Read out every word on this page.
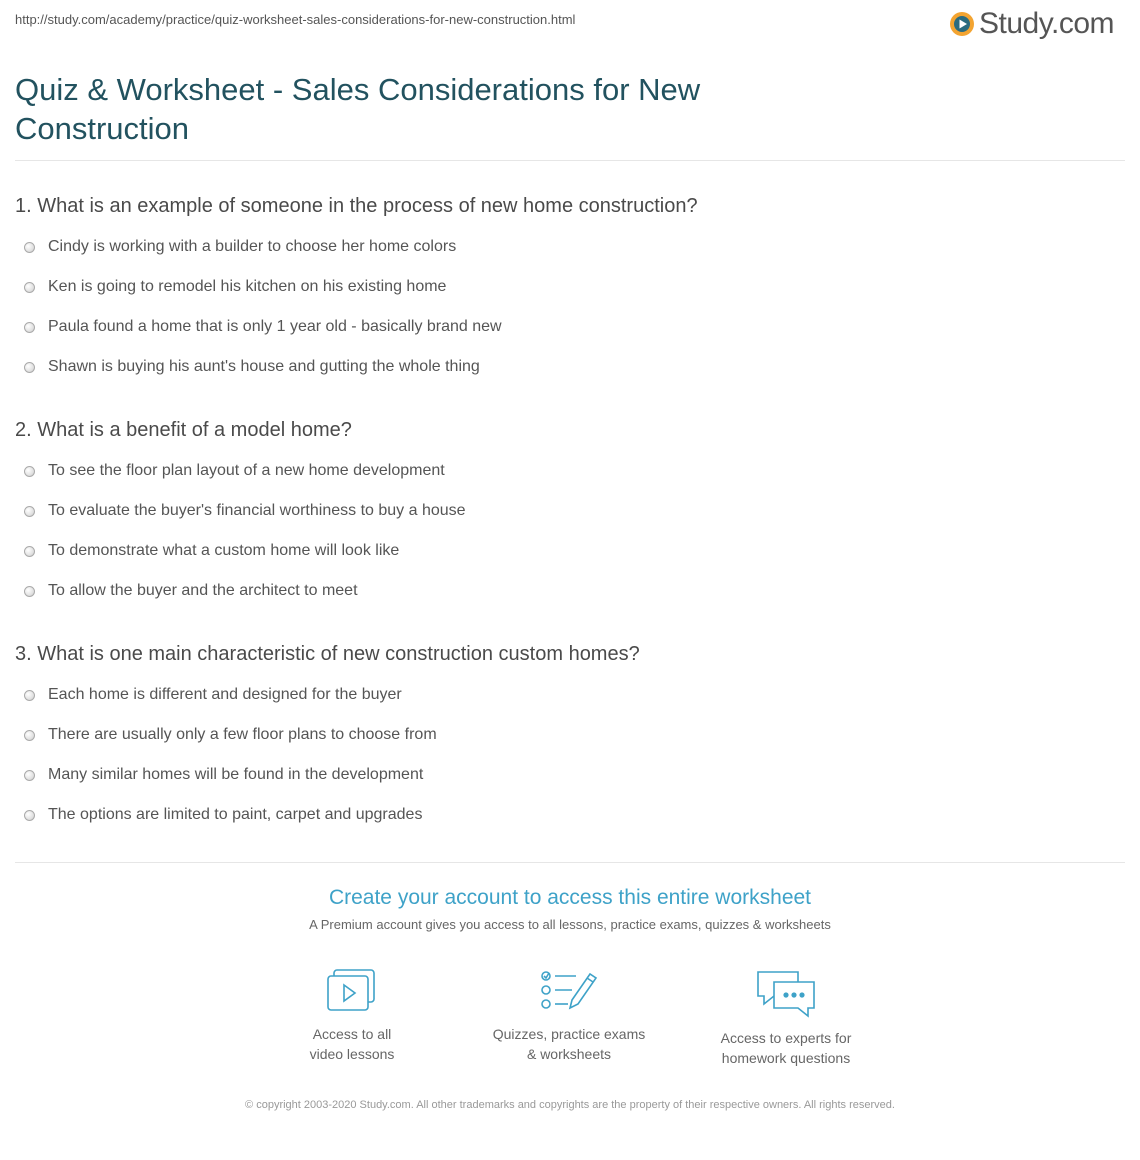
http://study.com/academy/practice/quiz-worksheet-sales-considerations-for-new-construction.html	Study.com
Quiz & Worksheet - Sales Considerations for New Construction
1. What is an example of someone in the process of new home construction?
Cindy is working with a builder to choose her home colors
Ken is going to remodel his kitchen on his existing home
Paula found a home that is only 1 year old - basically brand new
Shawn is buying his aunt's house and gutting the whole thing
2. What is a benefit of a model home?
To see the floor plan layout of a new home development
To evaluate the buyer's financial worthiness to buy a house
To demonstrate what a custom home will look like
To allow the buyer and the architect to meet
3. What is one main characteristic of new construction custom homes?
Each home is different and designed for the buyer
There are usually only a few floor plans to choose from
Many similar homes will be found in the development
The options are limited to paint, carpet and upgrades
Create your account to access this entire worksheet
A Premium account gives you access to all lessons, practice exams, quizzes & worksheets
Access to all
video lessons
Quizzes, practice exams
& worksheets
Access to experts for
homework questions
© copyright 2003-2020 Study.com. All other trademarks and copyrights are the property of their respective owners. All rights reserved.
